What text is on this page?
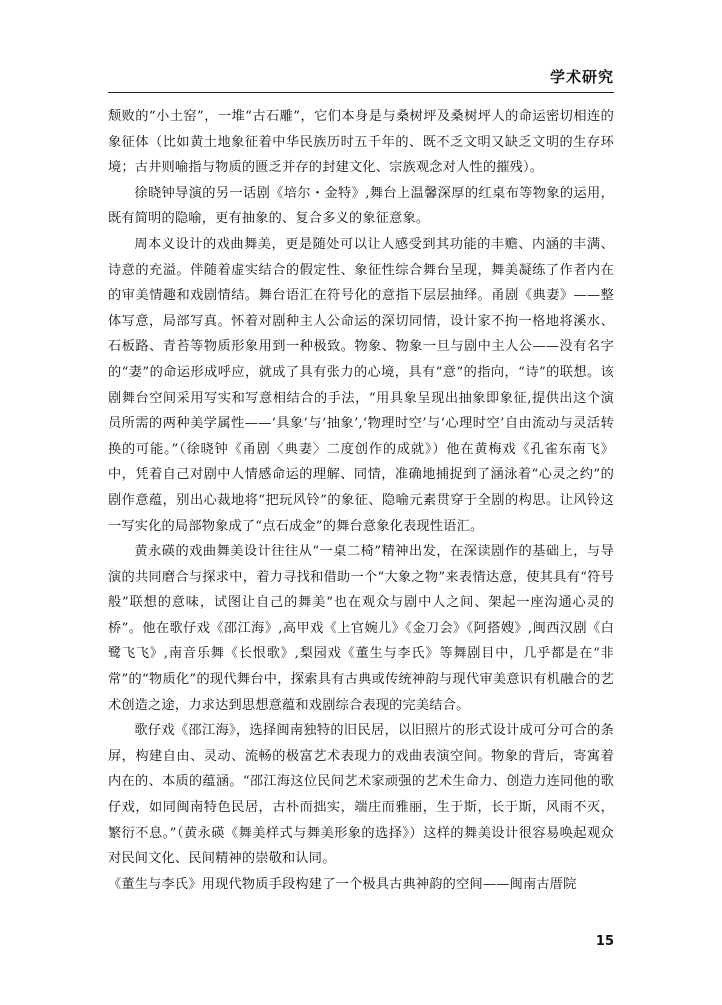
学术研究

颓败的“小土窑”，一堆“古石雕”，它们本身是与桑树坪及桑树坪人的命运密切相连的象征体（比如黄土地象征着中华民族历时五千年的、既不乏文明又缺乏文明的生存环境；古井则喻指与物质的匮乏并存的封建文化、宗族观念对人性的摧残）。

徐晓钟导演的另一话剧《培尔・金特》,舞台上温馨深厚的红桌布等物象的运用，既有简明的隐喻，更有抽象的、复合多义的象征意象。

周本义设计的戏曲舞美，更是随处可以让人感受到其功能的丰赡、内涵的丰满、诗意的充溢。伴随着虚实结合的假定性、象征性综合舞台呈现，舞美凝练了作者内在的审美情趣和戏剧情结。舞台语汇在符号化的意指下层层抽绎。甬剧《典妻》——整体写意，局部写真。怀着对剧种主人公命运的深切同情，设计家不拘一格地将溪水、石板路、青苔等物质形象用到一种极致。物象、物象一旦与剧中主人公——没有名字的“妻”的命运形成呼应，就成了具有张力的心境，具有“意”的指向，“诗”的联想。该剧舞台空间采用写实和写意相结合的手法，“用具象呈现出抽象即象征,提供出这个演员所需的两种美学属性——‘具象’与‘抽象’,‘物理时空’与‘心理时空’自由流动与灵活转换的可能。”（徐晓钟《甬剧〈典妻〉二度创作的成就》）他在黄梅戏《孔雀东南飞》中，凭着自己对剧中人情感命运的理解、同情，准确地捕捉到了涵泳着“心灵之约”的剧作意蕴，别出心裁地将“把玩风铃”的象征、隐喻元素贯穿于全剧的构思。让风铃这一写实化的局部物象成了“点石成金”的舞台意象化表现性语汇。

黄永碤的戏曲舞美设计往往从“一桌二椅”精神出发，在深读剧作的基础上，与导演的共同磨合与探求中，着力寻找和借助一个“大象之物”来表情达意，使其具有“符号般”联想的意味，试图让自己的舞美“也在观众与剧中人之间、架起一座沟通心灵的桥”。他在歌仔戏《邵江海》,高甲戏《上官婉儿》《金刀会》《阿搭嫂》,闽西汉剧《白鹭飞飞》,南音乐舞《长恨歌》,梨园戏《董生与李氏》等舞剧目中，几乎都是在“非常”的“物质化”的现代舞台中，探索具有古典或传统神韵与现代审美意识有机融合的艺术创造之途，力求达到思想意蕴和戏剧综合表现的完美结合。

歌仔戏《邵江海》，选择闽南独特的旧民居，以旧照片的形式设计成可分可合的条屏，构建自由、灵动、流畅的极富艺术表现力的戏曲表演空间。物象的背后，寄寓着内在的、本质的蕴涵。“邵江海这位民间艺术家顽强的艺术生命力、创造力连同他的歌仔戏，如同闽南特色民居，古朴而拙实，端庄而雅丽，生于斯，长于斯，风雨不灭，繁衍不息。”（黄永碤《舞美样式与舞美形象的选择》）这样的舞美设计很容易唤起观众对民间文化、民间精神的崇敬和认同。

《董生与李氏》用现代物质手段构建了一个极具古典神韵的空间——闽南古厝院

15
